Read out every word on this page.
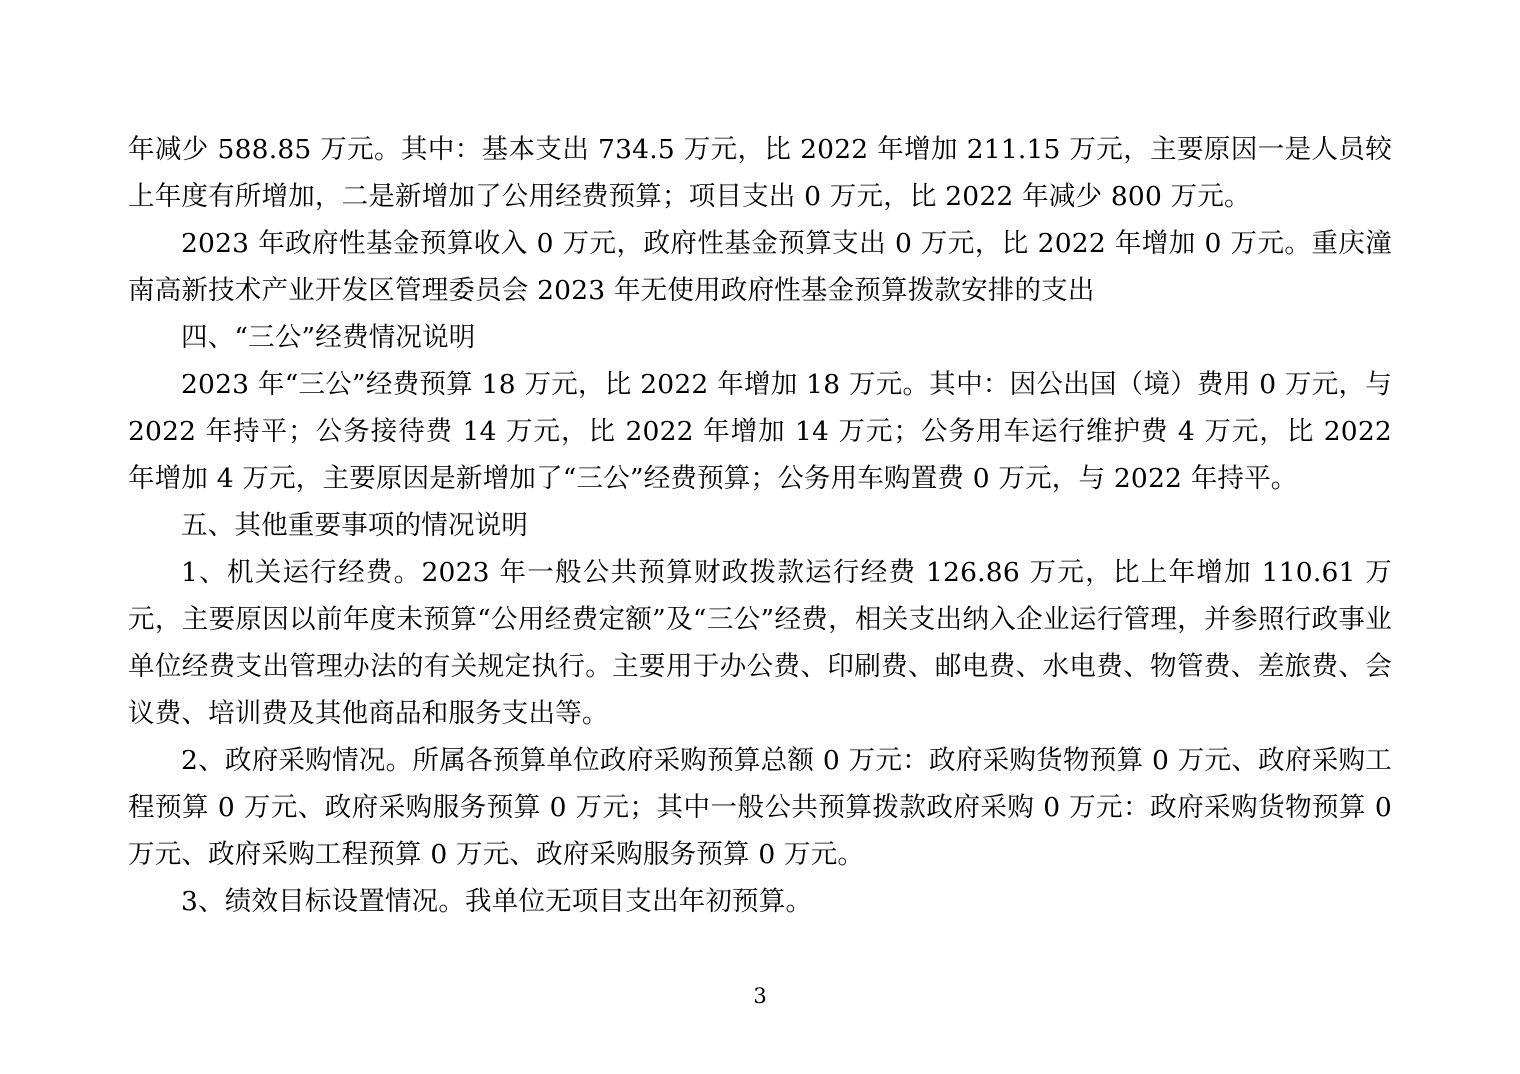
年减少 588.85 万元。其中：基本支出 734.5 万元，比 2022 年增加 211.15 万元，主要原因一是人员较上年度有所增加，二是新增加了公用经费预算；项目支出 0 万元，比 2022 年减少 800 万元。

2023 年政府性基金预算收入 0 万元，政府性基金预算支出 0 万元，比 2022 年增加 0 万元。重庆潼南高新技术产业开发区管理委员会 2023 年无使用政府性基金预算拨款安排的支出

四、“三公”经费情况说明

2023 年“三公”经费预算 18 万元，比 2022 年增加 18 万元。其中：因公出国（境）费用 0 万元，与 2022 年持平；公务接待费 14 万元，比 2022 年增加 14 万元；公务用车运行维护费 4 万元，比 2022 年增加 4 万元，主要原因是新增加了“三公”经费预算；公务用车购置费 0 万元，与 2022 年持平。

五、其他重要事项的情况说明

1、机关运行经费。2023 年一般公共预算财政拨款运行经费 126.86 万元，比上年增加 110.61 万元，主要原因以前年度未预算“公用经费定额”及“三公”经费，相关支出纳入企业运行管理，并参照行政事业单位经费支出管理办法的有关规定执行。主要用于办公费、印刷费、邮电费、水电费、物管费、差旅费、会议费、培训费及其他商品和服务支出等。

2、政府采购情况。所属各预算单位政府采购预算总额 0 万元：政府采购货物预算 0 万元、政府采购工程预算 0 万元、政府采购服务预算 0 万元；其中一般公共预算拨款政府采购 0 万元：政府采购货物预算 0 万元、政府采购工程预算 0 万元、政府采购服务预算 0 万元。

3、绩效目标设置情况。我单位无项目支出年初预算。

3
